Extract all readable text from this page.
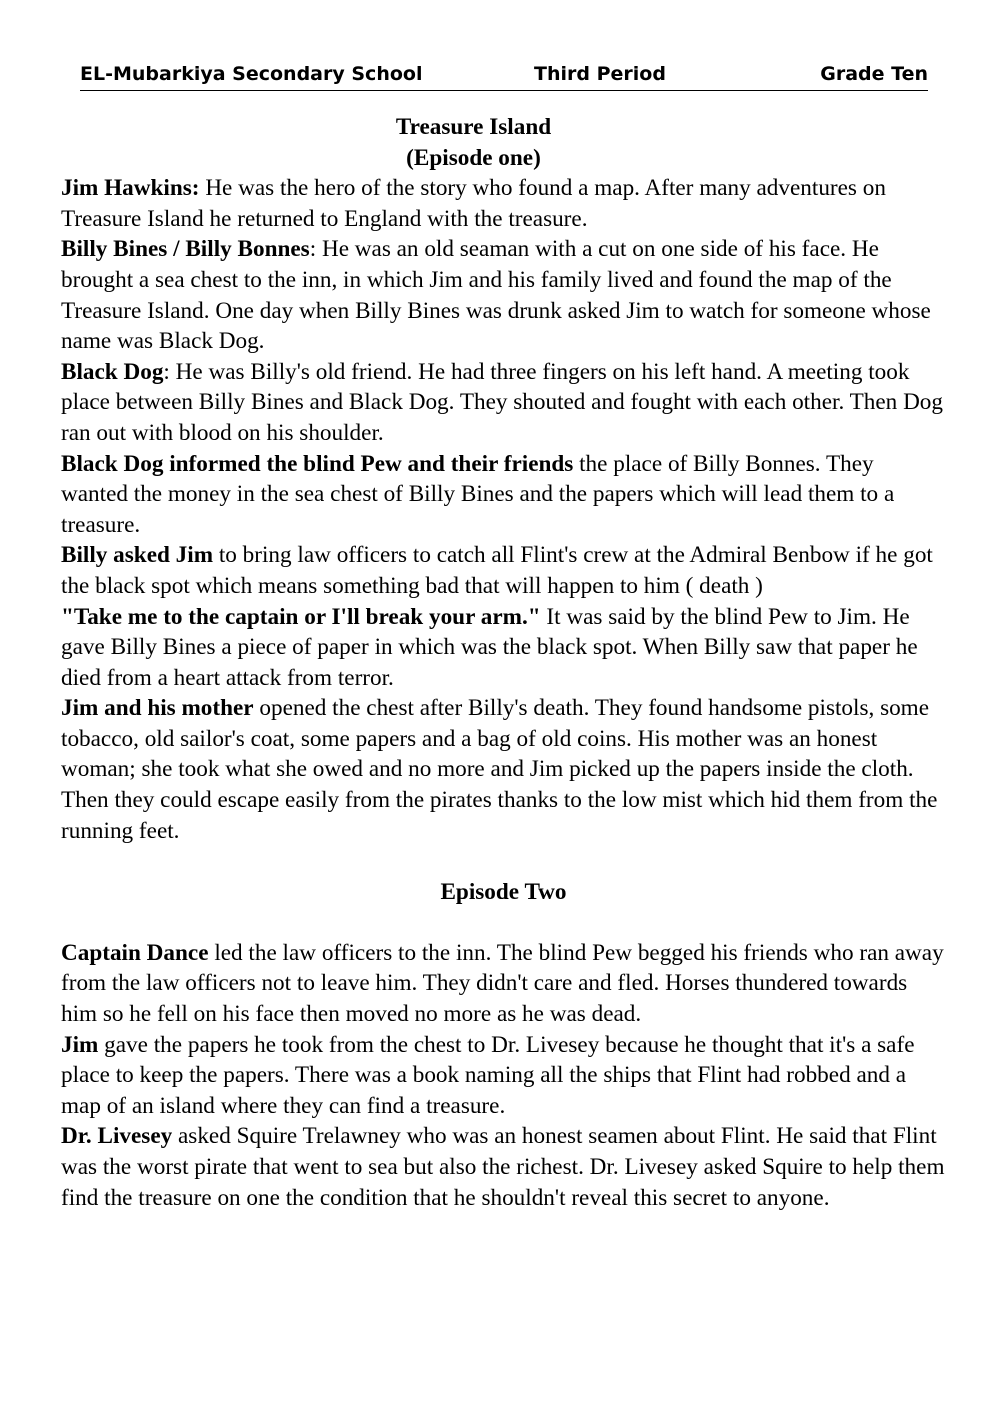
EL-Mubarkiya Secondary School	Third Period	Grade Ten

Treasure Island

(Episode one)

Jim Hawkins: He was the hero of the story who found a map. After many adventures on Treasure Island he returned to England with the treasure.

Billy Bines / Billy Bonnes: He was an old seaman with a cut on one side of his face. He brought a sea chest to the inn, in which Jim and his family lived and found the map of the Treasure Island. One day when Billy Bines was drunk asked Jim to watch for someone whose name was Black Dog.

Black Dog: He was Billy's old friend. He had three fingers on his left hand. A meeting took place between Billy Bines and Black Dog. They shouted and fought with each other. Then Dog ran out with blood on his shoulder.

Black Dog informed the blind Pew and their friends the place of Billy Bonnes. They wanted the money in the sea chest of Billy Bines and the papers which will lead them to a treasure.

Billy asked Jim to bring law officers to catch all Flint's crew at the Admiral Benbow if he got the black spot which means something bad that will happen to him ( death )

"Take me to the captain or I'll break your arm." It was said by the blind Pew to Jim. He gave Billy Bines a piece of paper in which was the black spot. When Billy saw that paper he died from a heart attack from terror.

Jim and his mother opened the chest after Billy's death. They found handsome pistols, some tobacco, old sailor's coat, some papers and a bag of old coins. His mother was an honest woman; she took what she owed and no more and Jim picked up the papers inside the cloth. Then they could escape easily from the pirates thanks to the low mist which hid them from the running feet.

Episode Two

Captain Dance led the law officers to the inn. The blind Pew begged his friends who ran away from the law officers not to leave him. They didn't care and fled. Horses thundered towards him so he fell on his face then moved no more as he was dead.

Jim gave the papers he took from the chest to Dr. Livesey because he thought that it's a safe place to keep the papers. There was a book naming all the ships that Flint had robbed and a map of an island where they can find a treasure.

Dr. Livesey asked Squire Trelawney who was an honest seamen about Flint. He said that Flint was the worst pirate that went to sea but also the richest. Dr. Livesey asked Squire to help them find the treasure on one the condition that he shouldn't reveal this secret to anyone.
